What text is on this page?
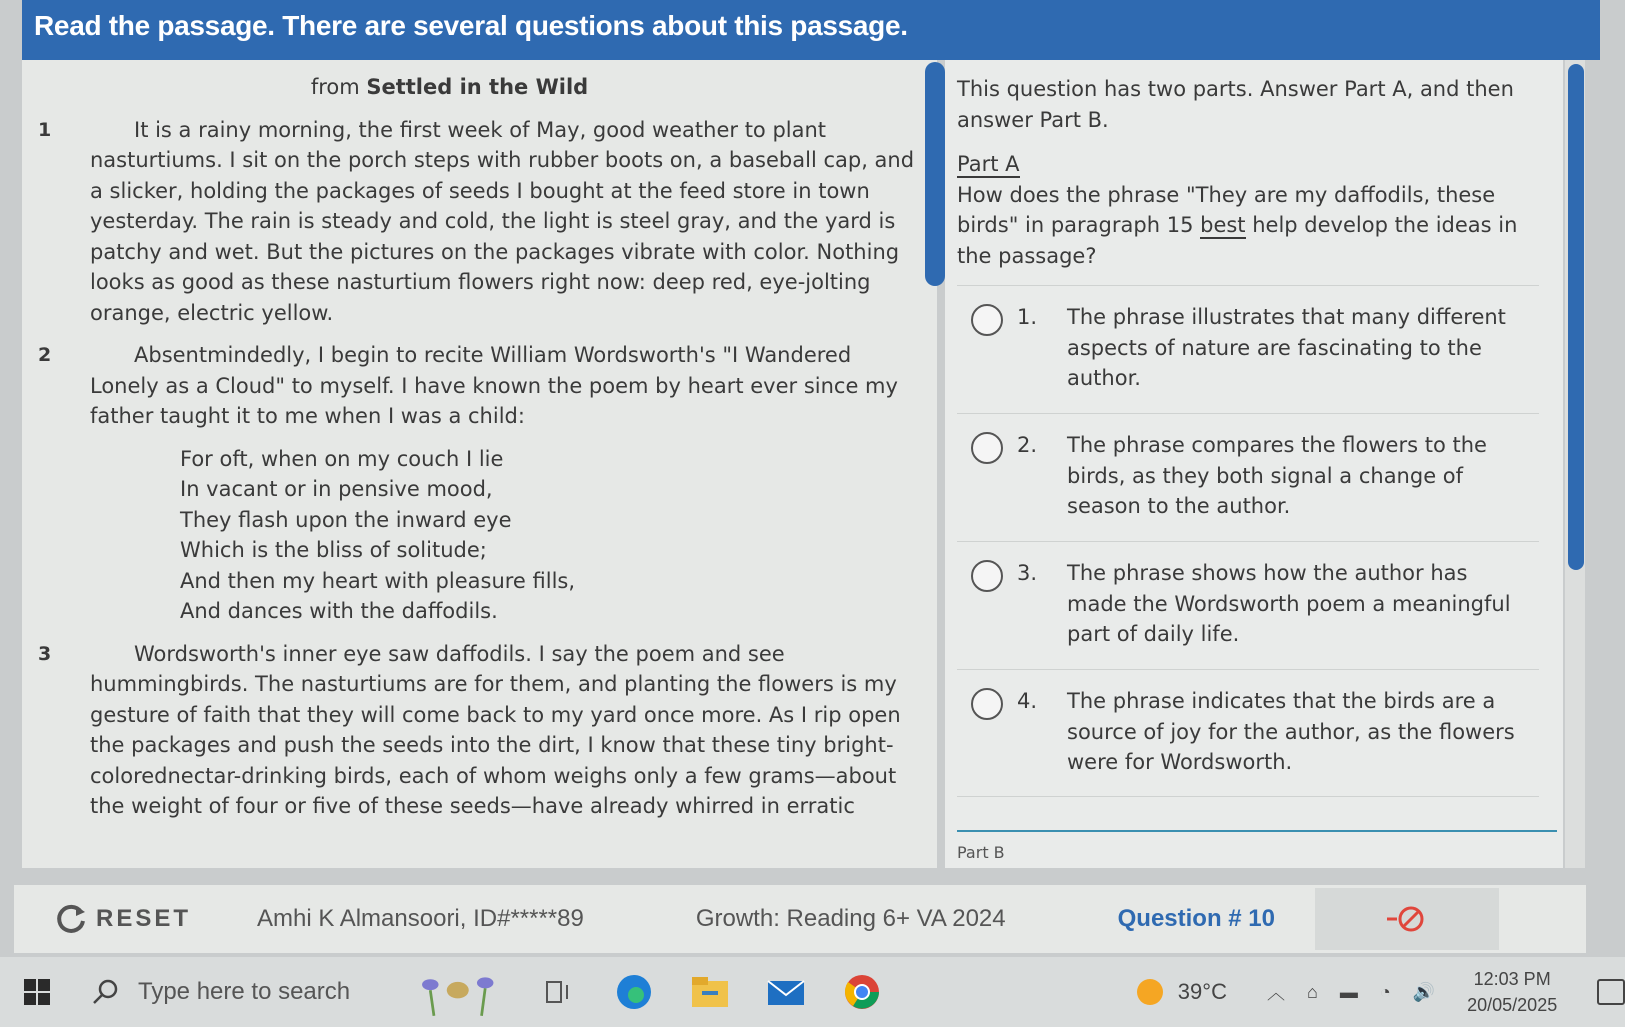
Read the passage. There are several questions about this passage.
from Settled in the Wild
1	It is a rainy morning, the first week of May, good weather to plant nasturtiums. I sit on the porch steps with rubber boots on, a baseball cap, and a slicker, holding the packages of seeds I bought at the feed store in town yesterday. The rain is steady and cold, the light is steel gray, and the yard is patchy and wet. But the pictures on the packages vibrate with color. Nothing looks as good as these nasturtium flowers right now: deep red, eye-jolting orange, electric yellow.
2	Absentmindedly, I begin to recite William Wordsworth's "I Wandered Lonely as a Cloud" to myself. I have known the poem by heart ever since my father taught it to me when I was a child:
For oft, when on my couch I lie
In vacant or in pensive mood,
They flash upon the inward eye
Which is the bliss of solitude;
And then my heart with pleasure fills,
And dances with the daffodils.
3	Wordsworth's inner eye saw daffodils. I say the poem and see hummingbirds. The nasturtiums are for them, and planting the flowers is my gesture of faith that they will come back to my yard once more. As I rip open the packages and push the seeds into the dirt, I know that these tiny bright-colorednectar-drinking birds, each of whom weighs only a few grams—about the weight of four or five of these seeds—have already whirred in erratic
This question has two parts. Answer Part A, and then answer Part B.
Part A
How does the phrase "They are my daffodils, these birds" in paragraph 15 best help develop the ideas in the passage?
1. The phrase illustrates that many different aspects of nature are fascinating to the author.
2. The phrase compares the flowers to the birds, as they both signal a change of season to the author.
3. The phrase shows how the author has made the Wordsworth poem a meaningful part of daily life.
4. The phrase indicates that the birds are a source of joy for the author, as the flowers were for Wordsworth.
Part B
RESET	Amhi K Almansoori, ID#*****89	Growth: Reading 6+ VA 2024	Question # 10
Type here to search	39°C ︿ ⌂ ▬ ◔ 🔊
12:03 PM
20/05/2025
